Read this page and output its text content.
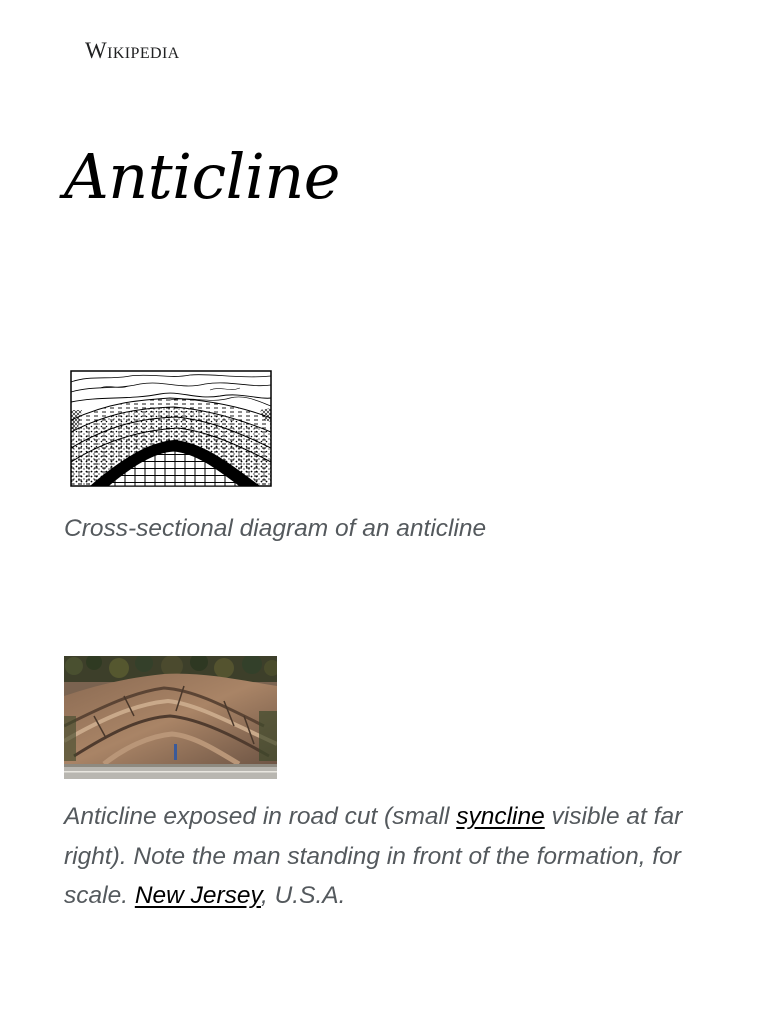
Wikipedia
Anticline
Cross-sectional diagram of an anticline
Anticline exposed in road cut (small syncline visible at far right). Note the man standing in front of the formation, for scale. New Jersey, U.S.A.
